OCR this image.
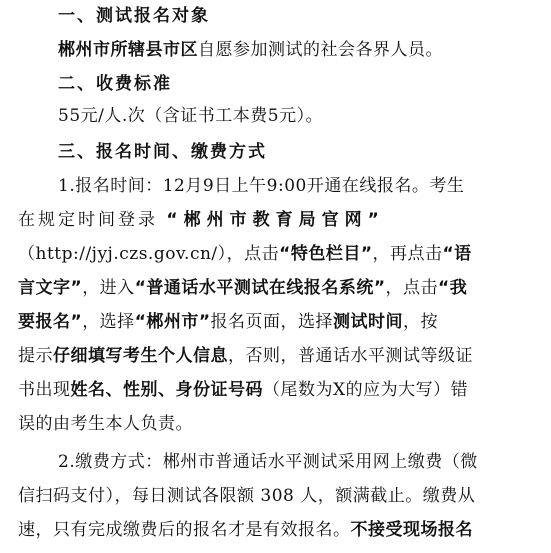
一、测试报名对象
郴州市所辖县市区自愿参加测试的社会各界人员。
二、收费标准
55元/人.次（含证书工本费5元）。
三、报名时间、缴费方式
1.报名时间：12月9日上午9:00开通在线报名。考生
在规定时间登录 “郴州市教育局官网”
（http://jyj.czs.gov.cn/），点击“特色栏目”，再点击“语
言文字”，进入“普通话水平测试在线报名系统”，点击“我
要报名”，选择“郴州市”报名页面，选择测试时间，按
提示仔细填写考生个人信息，否则，普通话水平测试等级证
书出现姓名、性别、身份证号码（尾数为X的应为大写）错
误的由考生本人负责。
2.缴费方式：郴州市普通话水平测试采用网上缴费（微
信扫码支付），每日测试各限额 308 人，额满截止。缴费从
速，只有完成缴费后的报名才是有效报名。不接受现场报名
